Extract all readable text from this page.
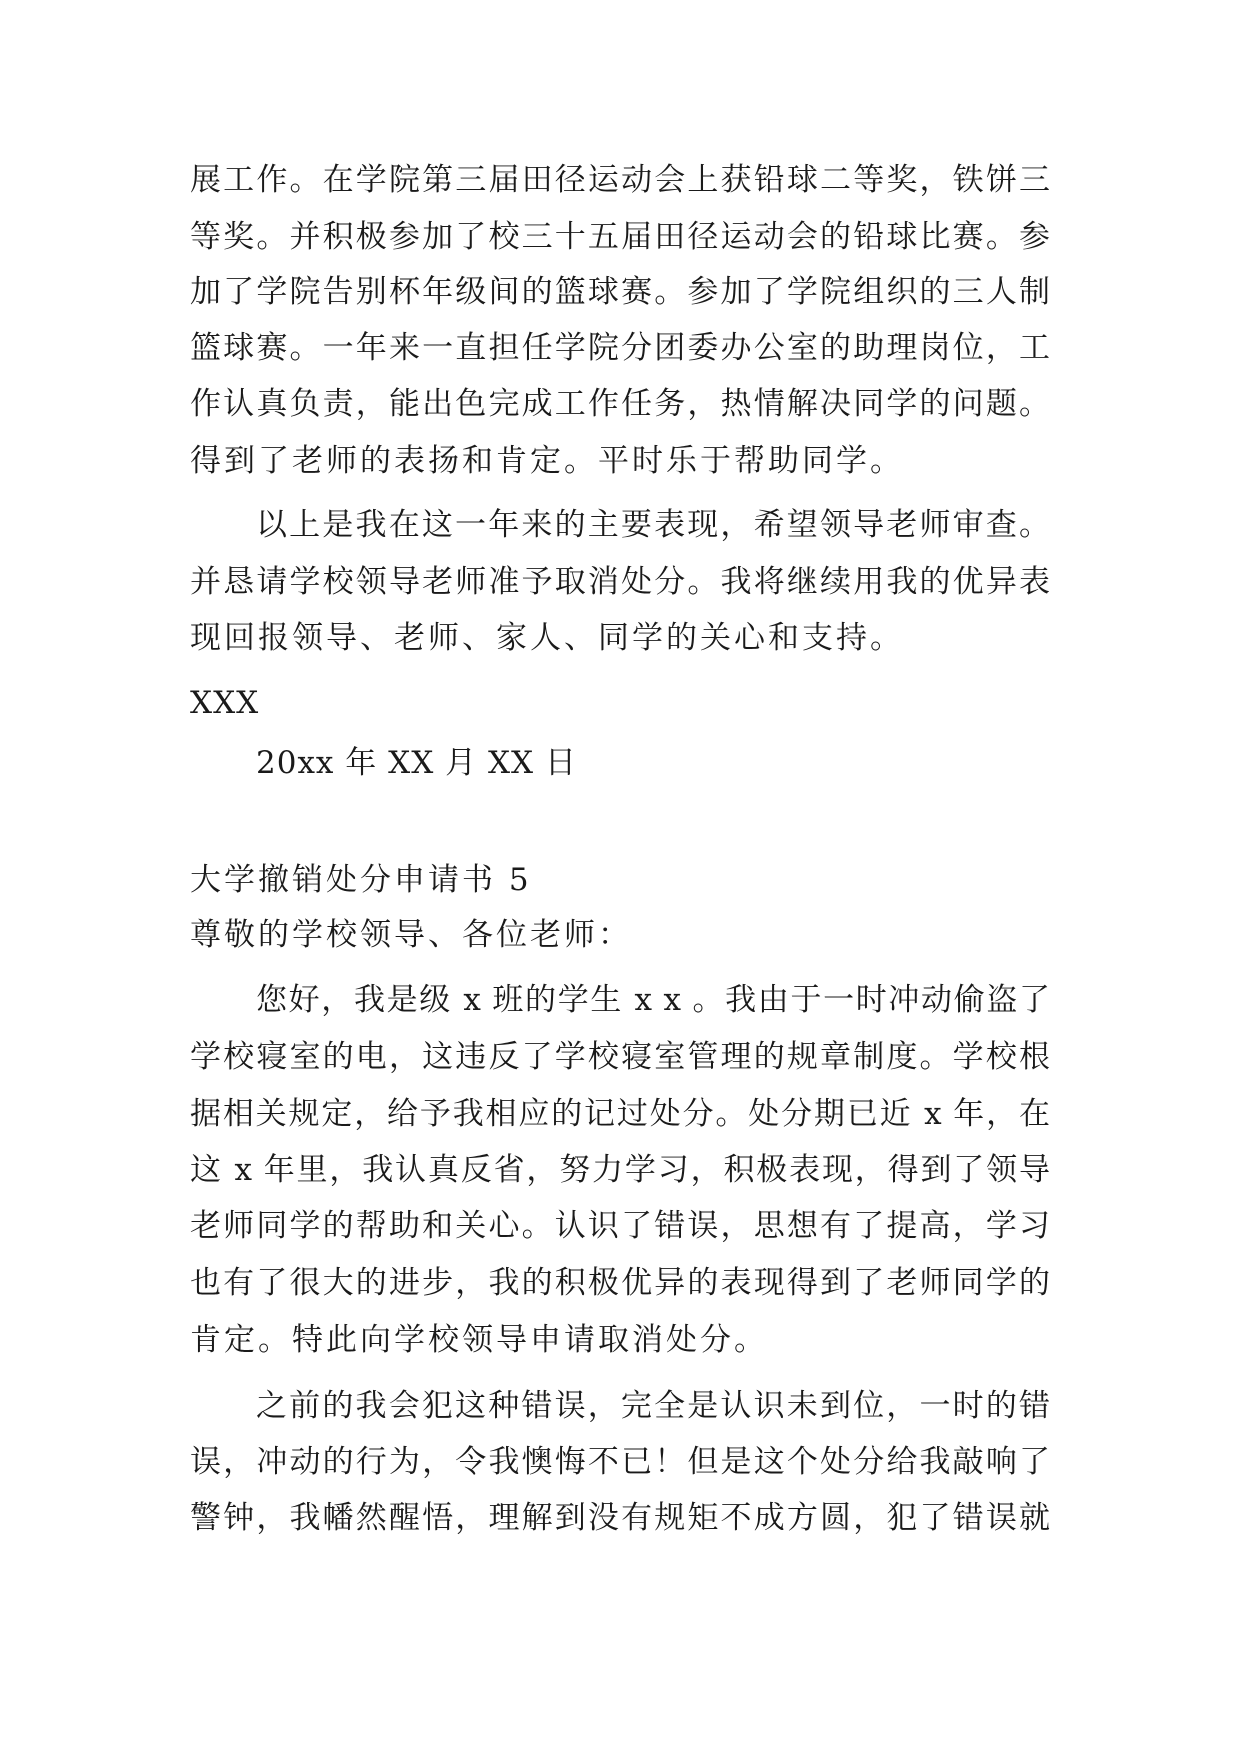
展工作。在学院第三届田径运动会上获铅球二等奖，铁饼三
等奖。并积极参加了校三十五届田径运动会的铅球比赛。参
加了学院告别杯年级间的篮球赛。参加了学院组织的三人制
篮球赛。一年来一直担任学院分团委办公室的助理岗位，工
作认真负责，能出色完成工作任务，热情解决同学的问题。
得到了老师的表扬和肯定。平时乐于帮助同学。
以上是我在这一年来的主要表现，希望领导老师审查。
并恳请学校领导老师准予取消处分。我将继续用我的优异表
现回报领导、老师、家人、同学的关心和支持。
XXX
20xx 年 XX 月 XX 日
大学撤销处分申请书 5
尊敬的学校领导、各位老师：
您好，我是级 x 班的学生 x x 。我由于一时冲动偷盗了
学校寝室的电，这违反了学校寝室管理的规章制度。学校根
据相关规定，给予我相应的记过处分。处分期已近 x 年，在
这 x 年里，我认真反省，努力学习，积极表现，得到了领导
老师同学的帮助和关心。认识了错误，思想有了提高，学习
也有了很大的进步，我的积极优异的表现得到了老师同学的
肯定。特此向学校领导申请取消处分。
之前的我会犯这种错误，完全是认识未到位，一时的错
误，冲动的行为，令我懊悔不已！但是这个处分给我敲响了
警钟，我幡然醒悟，理解到没有规矩不成方圆，犯了错误就
